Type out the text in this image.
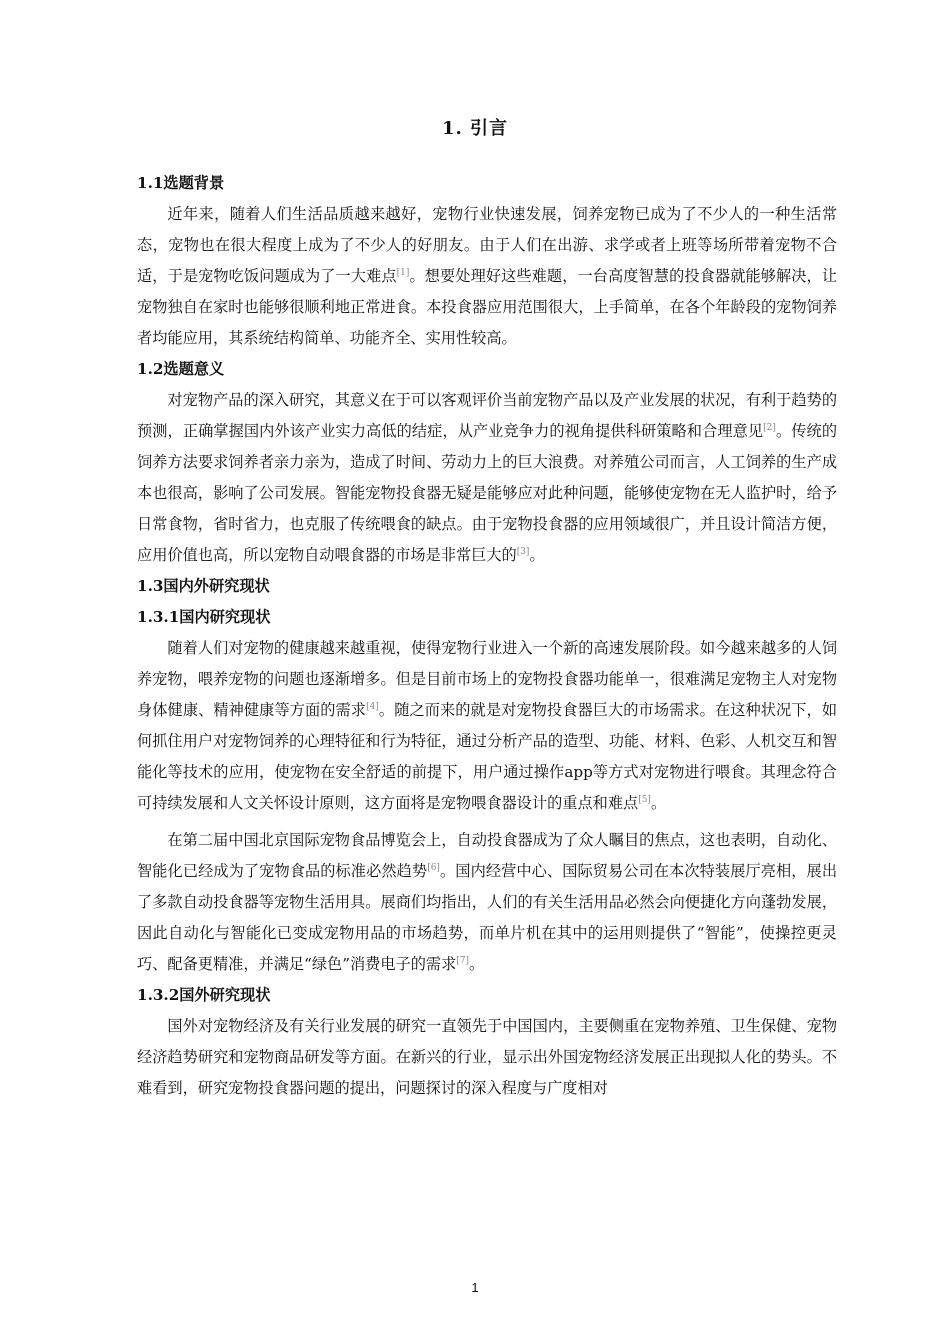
1. 引言
1.1选题背景

近年来，随着人们生活品质越来越好，宠物行业快速发展，饲养宠物已成为了不少人的一种生活常态，宠物也在很大程度上成为了不少人的好朋友。由于人们在出游、求学或者上班等场所带着宠物不合适，于是宠物吃饭问题成为了一大难点[1]。想要处理好这些难题，一台高度智慧的投食器就能够解决，让宠物独自在家时也能够很顺利地正常进食。本投食器应用范围很大，上手简单，在各个年龄段的宠物饲养者均能应用，其系统结构简单、功能齐全、实用性较高。

1.2选题意义

对宠物产品的深入研究，其意义在于可以客观评价当前宠物产品以及产业发展的状况，有利于趋势的预测，正确掌握国内外该产业实力高低的结症，从产业竞争力的视角提供科研策略和合理意见[2]。传统的饲养方法要求饲养者亲力亲为，造成了时间、劳动力上的巨大浪费。对养殖公司而言，人工饲养的生产成本也很高，影响了公司发展。智能宠物投食器无疑是能够应对此种问题，能够使宠物在无人监护时，给予日常食物，省时省力，也克服了传统喂食的缺点。由于宠物投食器的应用领域很广，并且设计简洁方便，应用价值也高，所以宠物自动喂食器的市场是非常巨大的[3]。

1.3国内外研究现状
1.3.1国内研究现状

随着人们对宠物的健康越来越重视，使得宠物行业进入一个新的高速发展阶段。如今越来越多的人饲养宠物，喂养宠物的问题也逐渐增多。但是目前市场上的宠物投食器功能单一，很难满足宠物主人对宠物身体健康、精神健康等方面的需求[4]。随之而来的就是对宠物投食器巨大的市场需求。在这种状况下，如何抓住用户对宠物饲养的心理特征和行为特征，通过分析产品的造型、功能、材料、色彩、人机交互和智能化等技术的应用，使宠物在安全舒适的前提下，用户通过操作app等方式对宠物进行喂食。其理念符合可持续发展和人文关怀设计原则，这方面将是宠物喂食器设计的重点和难点[5]。

在第二届中国北京国际宠物食品博览会上，自动投食器成为了众人瞩目的焦点，这也表明，自动化、智能化已经成为了宠物食品的标准必然趋势[6]。国内经营中心、国际贸易公司在本次特装展厅亮相，展出了多款自动投食器等宠物生活用具。展商们均指出，人们的有关生活用品必然会向便捷化方向蓬勃发展，因此自动化与智能化已变成宠物用品的市场趋势，而单片机在其中的运用则提供了“智能”，使操控更灵巧、配备更精准，并满足“绿色”消费电子的需求[7]。

1.3.2国外研究现状

国外对宠物经济及有关行业发展的研究一直领先于中国国内，主要侧重在宠物养殖、卫生保健、宠物经济趋势研究和宠物商品研发等方面。在新兴的行业，显示出外国宠物经济发展正出现拟人化的势头。不难看到，研究宠物投食器问题的提出，问题探讨的深入程度与广度相对

1
